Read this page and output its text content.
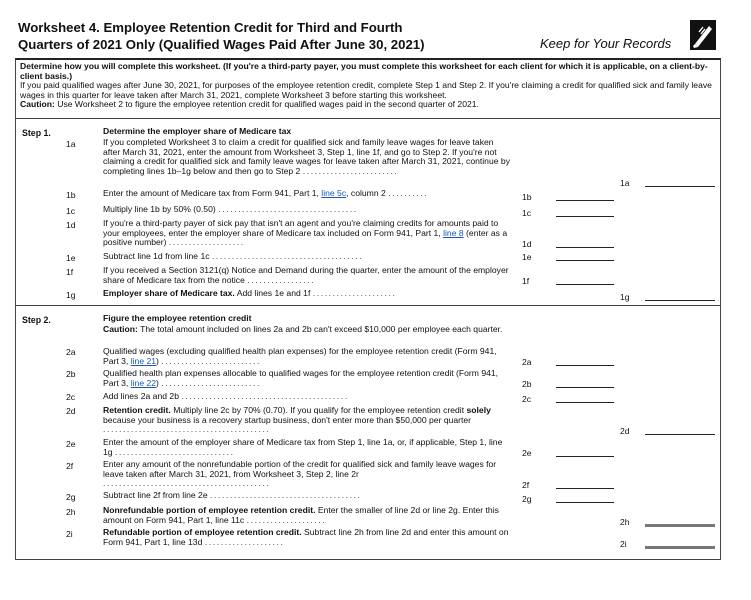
Worksheet 4. Employee Retention Credit for Third and Fourth
Quarters of 2021 Only (Qualified Wages Paid After June 30, 2021)	Keep for Your Records

Determine how you will complete this worksheet. (If you're a third-party payer, you must complete this worksheet for each client for which it is applicable, on a client-by-client basis.)

If you paid qualified wages after June 30, 2021, for purposes of the employee retention credit, complete Step 1 and Step 2. If you're claiming a credit for qualified sick and family leave wages in this quarter for leave taken after March 31, 2021, complete Worksheet 3 before starting this worksheet.

Caution: Use Worksheet 2 to figure the employee retention credit for qualified wages paid in the second quarter of 2021.

Step 1.	Determine the employer share of Medicare tax
1a	If you completed Worksheet 3 to claim a credit for qualified sick and family leave wages for leave taken after March 31, 2021, enter the amount from Worksheet 3, Step 1, line 1f, and go to Step 2. If you're not claiming a credit for qualified sick and family leave wages for leave taken after March 31, 2021, continue by completing lines 1b–1g below and then go to Step 2 ........................
1a
1b	Enter the amount of Medicare tax from Form 941, Part 1, line 5c, column 2 ..........	1b
1c	Multiply line 1b by 50% (0.50) ...................................	1c
1d	If you're a third-party payer of sick pay that isn't an agent and you're claiming credits for amounts paid to your employees, enter the employer share of Medicare tax included on Form 941, Part 1, line 8 (enter as a positive number) ...................	1d
1e	Subtract line 1d from line 1c ......................................	1e
1f	If you received a Section 3121(q) Notice and Demand during the quarter, enter the amount of the employer share of Medicare tax from the notice .................	1f
1g	Employer share of Medicare tax. Add lines 1e and 1f .....................	1g
Step 2.	Figure the employee retention credit
Caution: The total amount included on lines 2a and 2b can't exceed $10,000 per employee each quarter.
2a	Qualified wages (excluding qualified health plan expenses) for the employee retention credit (Form 941, Part 3, line 21) .........................	2a
2b	Qualified health plan expenses allocable to qualified wages for the employee retention credit (Form 941, Part 3, line 22) .........................	2b
2c	Add lines 2a and 2b ..........................................	2c
2d	Retention credit. Multiply line 2c by 70% (0.70). If you qualify for the employee retention credit solely because your business is a recovery startup business, don't enter more than $50,000 per quarter ..........................................	2d
2e	Enter the amount of the employer share of Medicare tax from Step 1, line 1a, or, if applicable, Step 1, line 1g ..............................	2e
2f	Enter any amount of the nonrefundable portion of the credit for qualified sick and family leave wages for leave taken after March 31, 2021, from Worksheet 3, Step 2, line 2r ..........................................	2f
2g	Subtract line 2f from line 2e ......................................	2g
2h	Nonrefundable portion of employee retention credit. Enter the smaller of line 2d or line 2g. Enter this amount on Form 941, Part 1, line 11c ....................	2h
2i	Refundable portion of employee retention credit. Subtract line 2h from line 2d and enter this amount on Form 941, Part 1, line 13d ....................	2i
